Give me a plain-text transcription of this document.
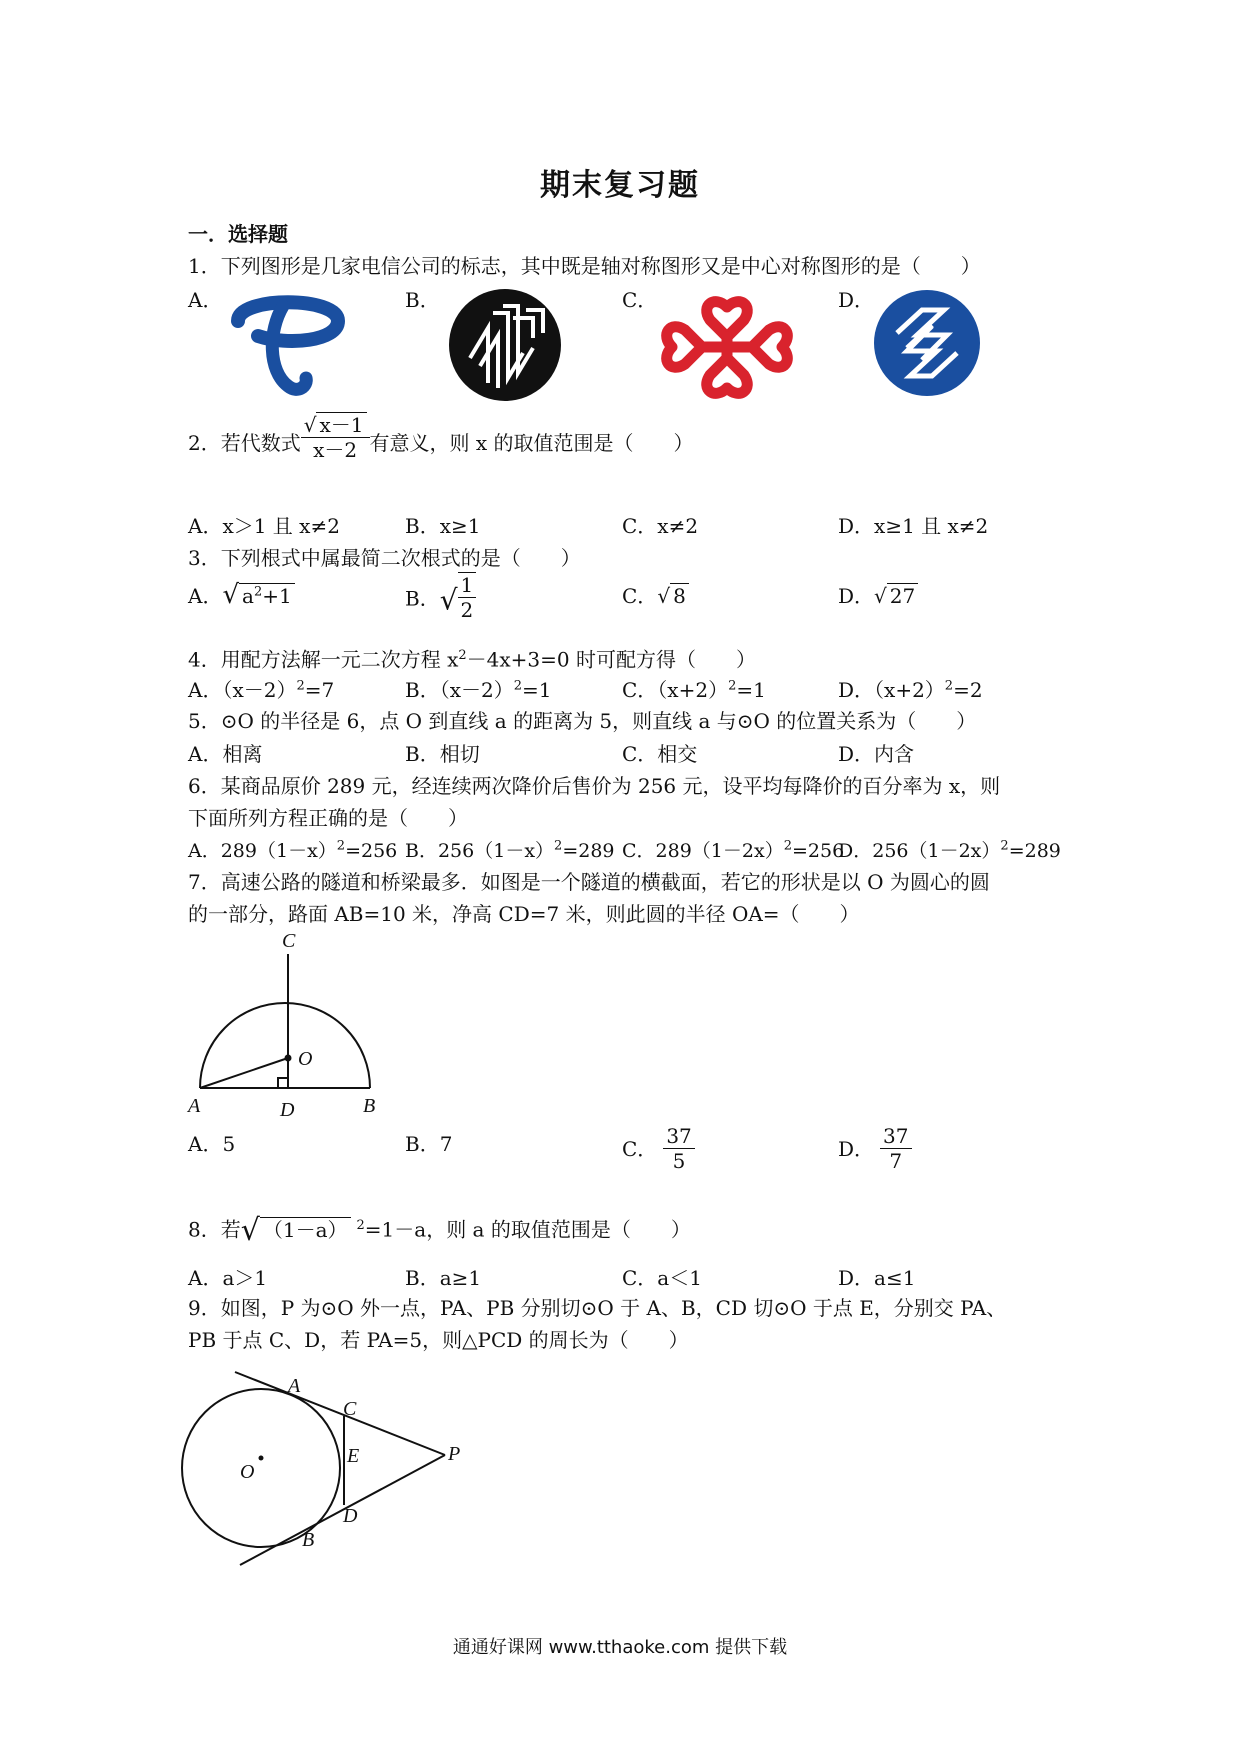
期末复习题
一．选择题
1．下列图形是几家电信公司的标志，其中既是轴对称图形又是中心对称图形的是（　　）
A．	B．	C．	D．
2．若代数式 $\frac{√ x-1}{x-2}$ 有意义，则 x 的取值范围是（　　）
A．x＞1 且 x≠2	B．x≥1	C．x≠2	D．x≥1 且 x≠2
3．下列根式中属最简二次根式的是（　　）
A．√ $a^2+1$	B．√ $\frac{1}{2}$	C．√ 8	D．√ 27
4．用配方法解一元二次方程 $x^2-4x+3=0$ 时可配方得（　　）
A．$(x-2)^2=7$	B．$(x-2)^2=1$	C．$(x+2)^2=1$	D．$(x+2)^2=2$
5．⊙O 的半径是 6，点 O 到直线 a 的距离为 5，则直线 a 与⊙O 的位置关系为（　　）
A．相离	B．相切	C．相交	D．内含
6．某商品原价 289 元，经连续两次降价后售价为 256 元，设平均每降价的百分率为 x，则
下面所列方程正确的是（　　）
A．$289(1-x)^2=256$ B．$256(1-x)^2=289$ C．$289(1-2x)^2=256$
D．$256(1-2x)^2=289$
7．高速公路的隧道和桥梁最多．如图是一个隧道的横截面，若它的形状是以 O 为圆心的圆
的一部分，路面 AB=10 米，净高 CD=7 米，则此圆的半径 OA=（　　）
C
O
A	D	B
A．5	B．7	C． $\frac{37}{5}$	D． $\frac{37}{7}$
8．若√ （1－a） $^2$=1－a，则 a 的取值范围是（　　）
A．a＞1	B．a≥1	C．a＜1	D．a≤1
9．如图，P 为⊙O 外一点，PA、PB 分别切⊙O 于 A、B，CD 切⊙O 于点 E，分别交 PA、
PB 于点 C、D，若 PA=5，则△PCD 的周长为（　　）
A
C
E	P
O
D
B
通通好课网 www.tthaoke.com 提供下载
